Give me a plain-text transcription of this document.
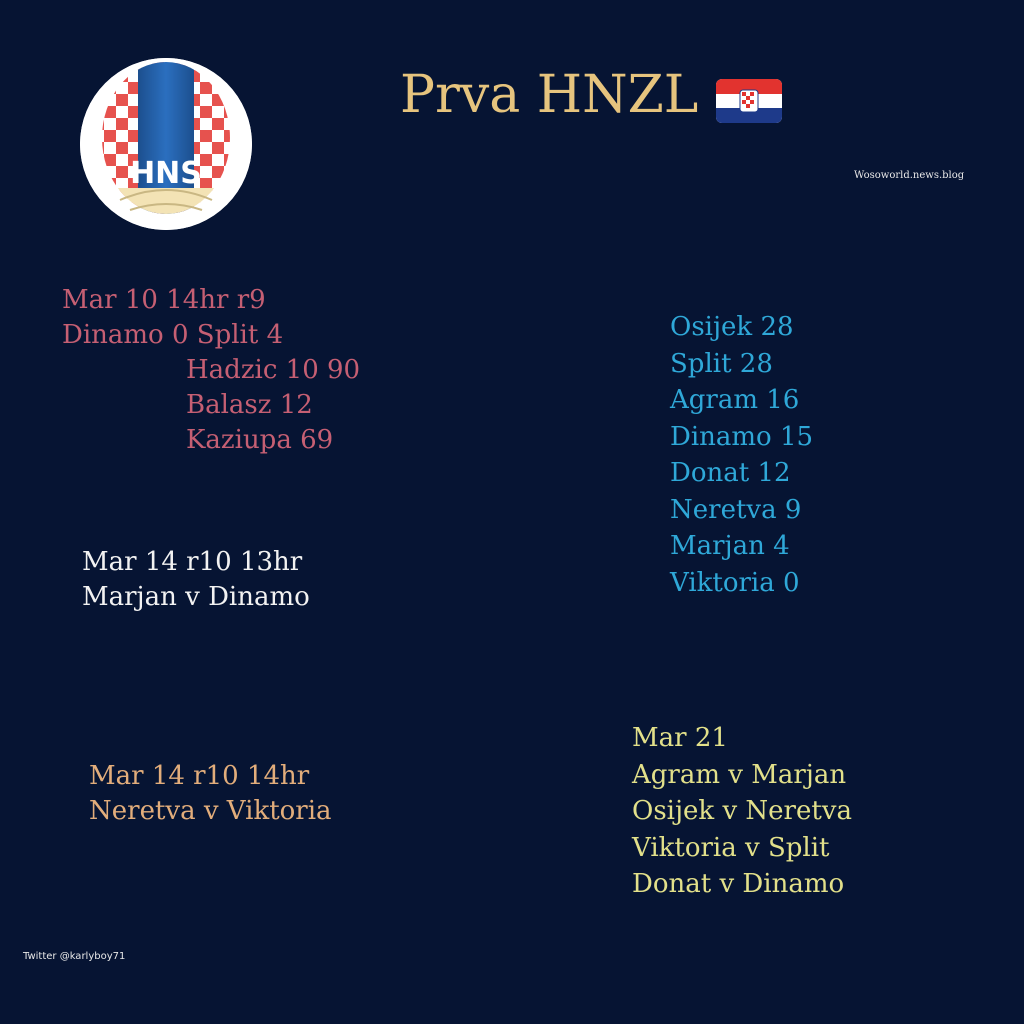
HNS
Prva HNZL
Wosoworld.news.blog
Mar 10 14hr r9
Dinamo 0 Split 4
Hadzic 10 90
Balasz 12
Kaziupa 69
Mar 14 r10 13hr
Marjan v Dinamo
Mar 14 r10 14hr
Neretva v Viktoria
Osijek 28
Split 28
Agram 16
Dinamo 15
Donat 12
Neretva 9
Marjan 4
Viktoria 0
Mar 21
Agram v Marjan
Osijek v Neretva
Viktoria v Split
Donat v Dinamo
Twitter @karlyboy71
